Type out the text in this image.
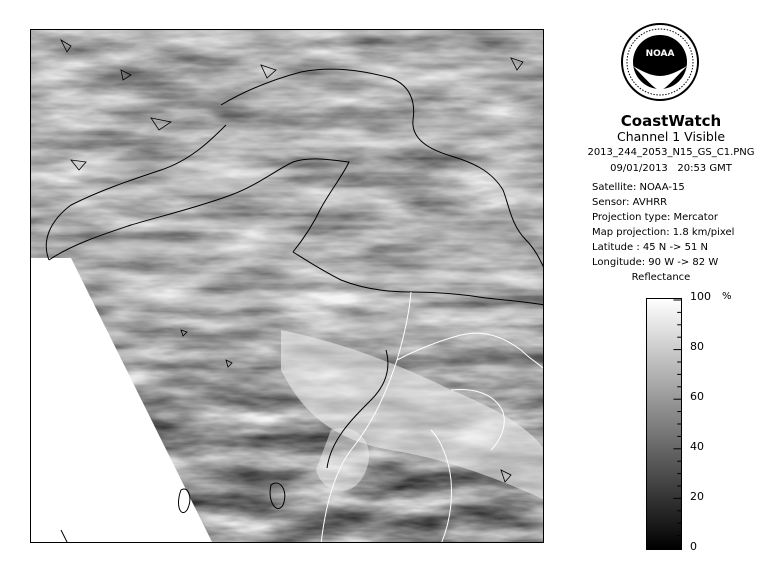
NOAA
CoastWatch
Channel 1 Visible
2013_244_2053_N15_GS_C1.PNG
09/01/2013 20:53 GMT
Satellite: NOAA-15
Sensor: AVHRR
Projection type: Mercator
Map projection: 1.8 km/pixel
Latitude : 45 N -> 51 N
Longitude: 90 W -> 82 W
Reflectance
100
80
60
40
20
0
%
